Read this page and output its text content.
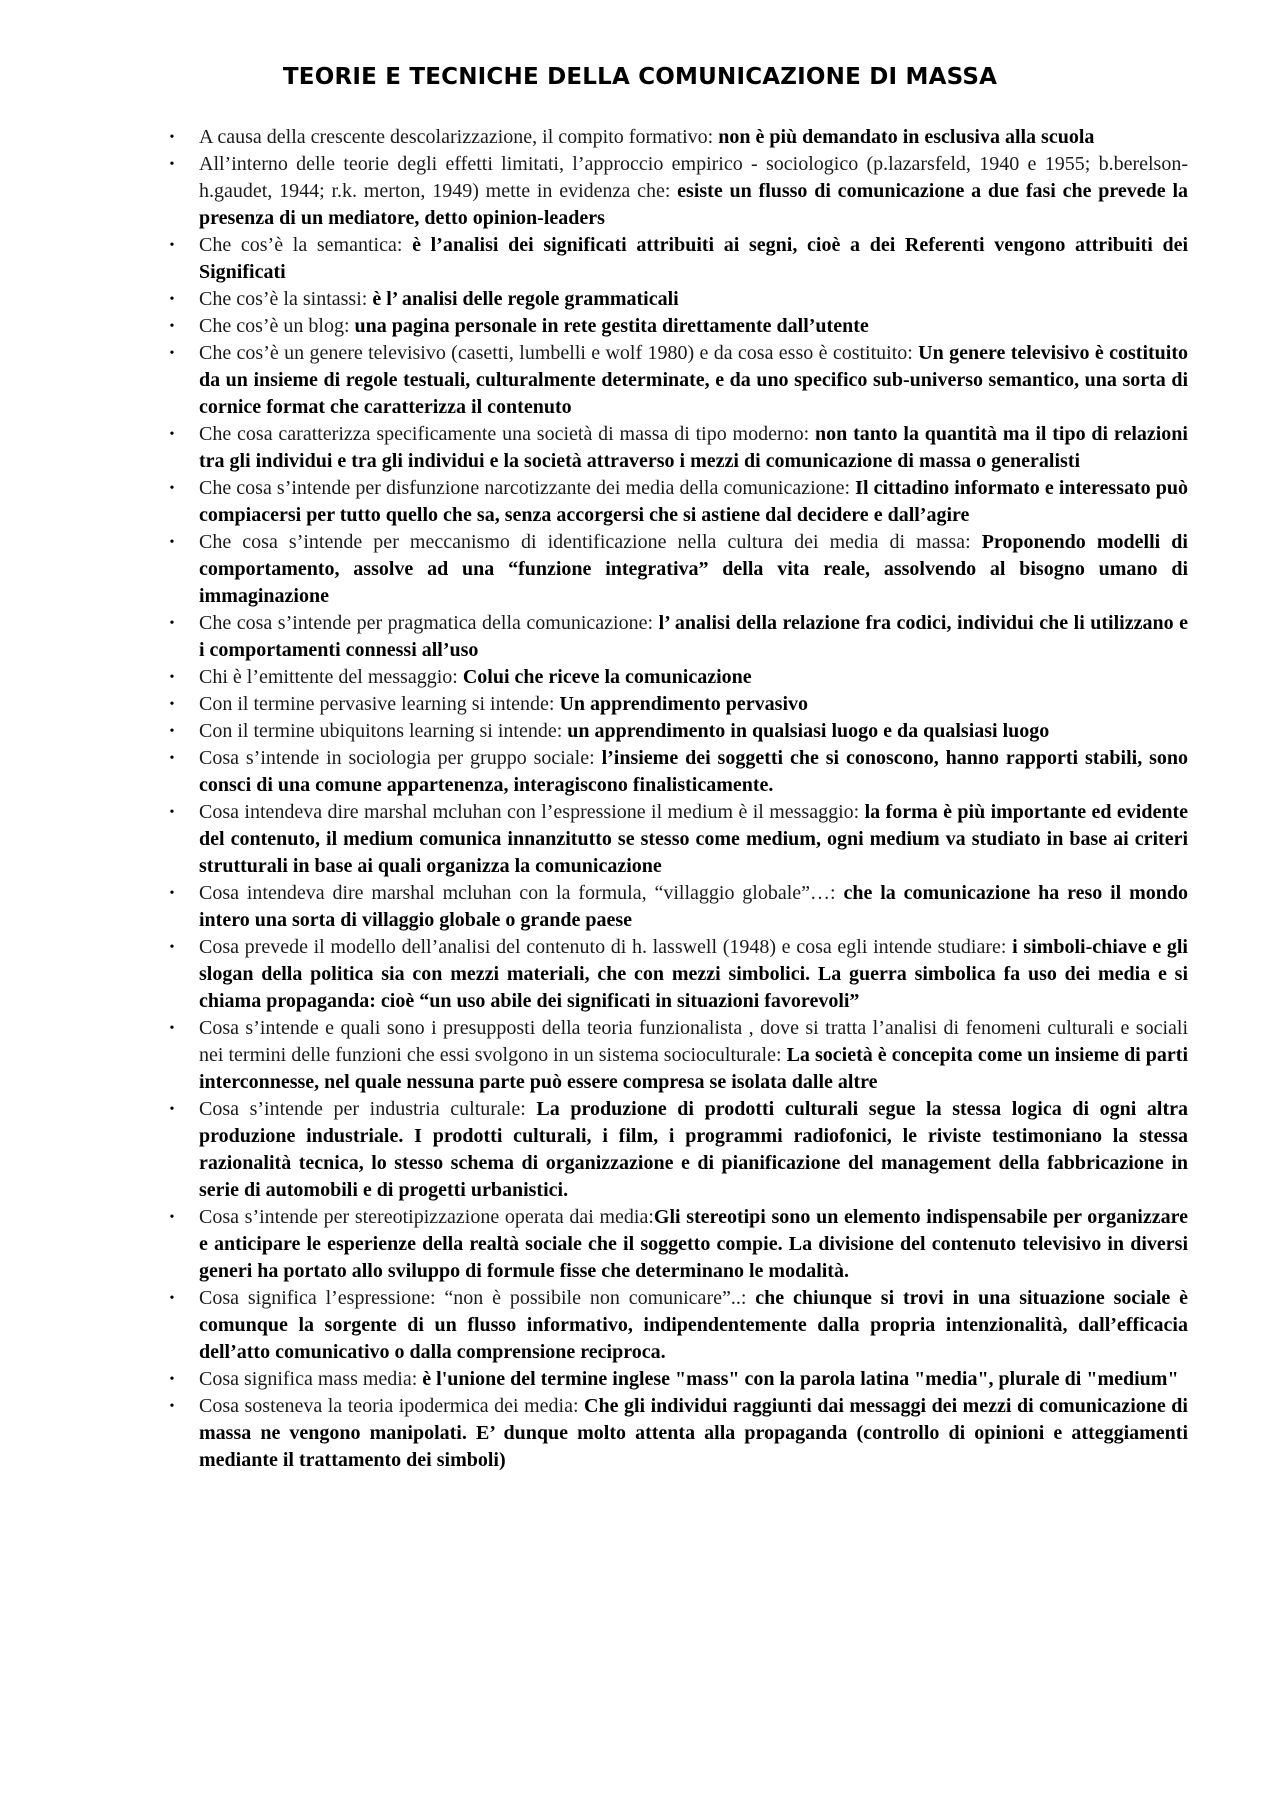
TEORIE E TECNICHE DELLA COMUNICAZIONE DI MASSA
•	A causa della crescente descolarizzazione, il compito formativo: non è più demandato in esclusiva alla scuola
•	All’interno delle teorie degli effetti limitati, l’approccio empirico - sociologico (p.lazarsfeld, 1940 e 1955; b.berelson-h.gaudet, 1944; r.k. merton, 1949) mette in evidenza che: esiste un flusso di comunicazione a due fasi che prevede la presenza di un mediatore, detto opinion-leaders
•	Che cos’è la semantica: è l’analisi dei significati attribuiti ai segni, cioè a dei Referenti vengono attribuiti dei Significati
•	Che cos’è la sintassi: è l’ analisi delle regole grammaticali
•	Che cos’è un blog: una pagina personale in rete gestita direttamente dall’utente
•	Che cos’è un genere televisivo (casetti, lumbelli e wolf 1980) e da cosa esso è costituito: Un genere televisivo è costituito da un insieme di regole testuali, culturalmente determinate, e da uno specifico sub-universo semantico, una sorta di cornice format che caratterizza il contenuto
•	Che cosa caratterizza specificamente una società di massa di tipo moderno: non tanto la quantità ma il tipo di relazioni tra gli individui e tra gli individui e la società attraverso i mezzi di comunicazione di massa o generalisti
•	Che cosa s’intende per disfunzione narcotizzante dei media della comunicazione: Il cittadino informato e interessato può compiacersi per tutto quello che sa, senza accorgersi che si astiene dal decidere e dall’agire
•	Che cosa s’intende per meccanismo di identificazione nella cultura dei media di massa: Proponendo modelli di comportamento, assolve ad una “funzione integrativa” della vita reale, assolvendo al bisogno umano di immaginazione
•	Che cosa s’intende per pragmatica della comunicazione: l’ analisi della relazione fra codici, individui che li utilizzano e i comportamenti connessi all’uso
•	Chi è l’emittente del messaggio: Colui che riceve la comunicazione
•	Con il termine pervasive learning si intende: Un apprendimento pervasivo
•	Con il termine ubiquitons learning si intende: un apprendimento in qualsiasi luogo e da qualsiasi luogo
•	Cosa s’intende in sociologia per gruppo sociale: l’insieme dei soggetti che si conoscono, hanno rapporti stabili, sono consci di una comune appartenenza, interagiscono finalisticamente.
•	Cosa intendeva dire marshal mcluhan con l’espressione il medium è il messaggio: la forma è più importante ed evidente del contenuto, il medium comunica innanzitutto se stesso come medium, ogni medium va studiato in base ai criteri strutturali in base ai quali organizza la comunicazione
•	Cosa intendeva dire marshal mcluhan con la formula, “villaggio globale”…: che la comunicazione ha reso il mondo intero una sorta di villaggio globale o grande paese
•	Cosa prevede il modello dell’analisi del contenuto di h. lasswell (1948) e cosa egli intende studiare: i simboli-chiave e gli slogan della politica sia con mezzi materiali, che con mezzi simbolici. La guerra simbolica fa uso dei media e si chiama propaganda: cioè “un uso abile dei significati in situazioni favorevoli”
•	Cosa s’intende e quali sono i presupposti della teoria funzionalista , dove si tratta l’analisi di fenomeni culturali e sociali nei termini delle funzioni che essi svolgono in un sistema socioculturale: La società è concepita come un insieme di parti interconnesse, nel quale nessuna parte può essere compresa se isolata dalle altre
•	Cosa s’intende per industria culturale: La produzione di prodotti culturali segue la stessa logica di ogni altra produzione industriale. I prodotti culturali, i film, i programmi radiofonici, le riviste testimoniano la stessa razionalità tecnica, lo stesso schema di organizzazione e di pianificazione del management della fabbricazione in serie di automobili e di progetti urbanistici.
•	Cosa s’intende per stereotipizzazione operata dai media:Gli stereotipi sono un elemento indispensabile per organizzare e anticipare le esperienze della realtà sociale che il soggetto compie. La divisione del contenuto televisivo in diversi generi ha portato allo sviluppo di formule fisse che determinano le modalità.
•	Cosa significa l’espressione: “non è possibile non comunicare”..: che chiunque si trovi in una situazione sociale è comunque la sorgente di un flusso informativo, indipendentemente dalla propria intenzionalità, dall’efficacia dell’atto comunicativo o dalla comprensione reciproca.
•	Cosa significa mass media: è l'unione del termine inglese "mass" con la parola latina "media", plurale di "medium"
•	Cosa sosteneva la teoria ipodermica dei media: Che gli individui raggiunti dai messaggi dei mezzi di comunicazione di massa ne vengono manipolati. E’ dunque molto attenta alla propaganda (controllo di opinioni e atteggiamenti mediante il trattamento dei simboli)
